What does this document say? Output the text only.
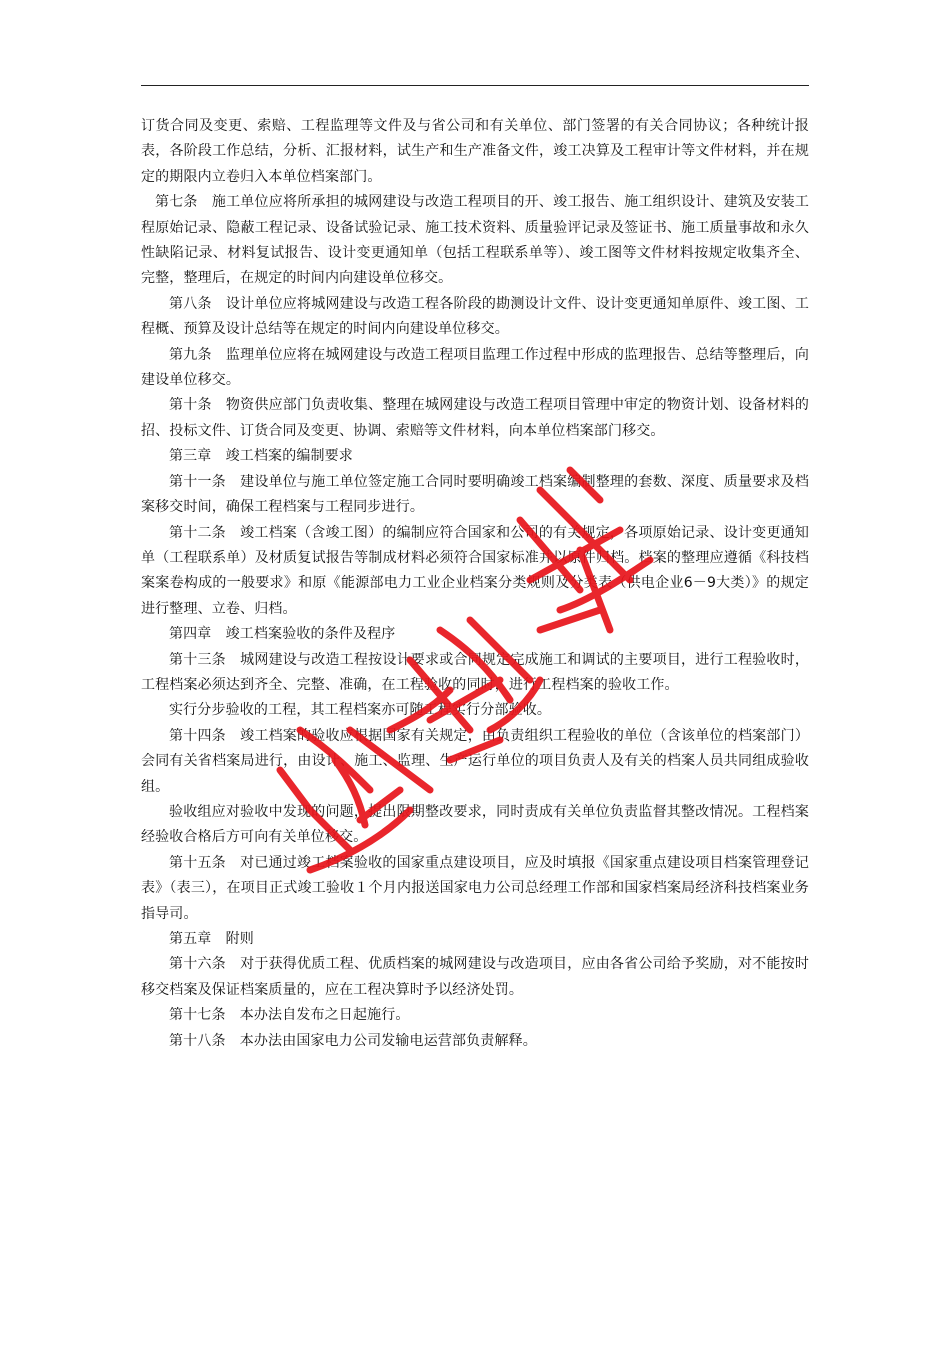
订货合同及变更、索赔、工程监理等文件及与省公司和有关单位、部门签署的有关合同协议；各种统计报表，各阶段工作总结，分析、汇报材料，试生产和生产准备文件，竣工决算及工程审计等文件材料，并在规定的期限内立卷归入本单位档案部门。

第七条　施工单位应将所承担的城网建设与改造工程项目的开、竣工报告、施工组织设计、建筑及安装工程原始记录、隐蔽工程记录、设备试验记录、施工技术资料、质量验评记录及签证书、施工质量事故和永久性缺陷记录、材料复试报告、设计变更通知单（包括工程联系单等）、竣工图等文件材料按规定收集齐全、完整，整理后，在规定的时间内向建设单位移交。

第八条　设计单位应将城网建设与改造工程各阶段的勘测设计文件、设计变更通知单原件、竣工图、工程概、预算及设计总结等在规定的时间内向建设单位移交。

第九条　监理单位应将在城网建设与改造工程项目监理工作过程中形成的监理报告、总结等整理后，向建设单位移交。

第十条　物资供应部门负责收集、整理在城网建设与改造工程项目管理中审定的物资计划、设备材料的招、投标文件、订货合同及变更、协调、索赔等文件材料，向本单位档案部门移交。

第三章　竣工档案的编制要求

第十一条　建设单位与施工单位签定施工合同时要明确竣工档案编制整理的套数、深度、质量要求及档案移交时间，确保工程档案与工程同步进行。

第十二条　竣工档案（含竣工图）的编制应符合国家和公司的有关规定，各项原始记录、设计变更通知单（工程联系单）及材质复试报告等制成材料必须符合国家标准并以原件归档。档案的整理应遵循《科技档案案卷构成的一般要求》和原《能源部电力工业企业档案分类规则及分类表（供电企业6－9大类）》的规定进行整理、立卷、归档。

第四章　竣工档案验收的条件及程序

第十三条　城网建设与改造工程按设计要求或合同规定完成施工和调试的主要项目，进行工程验收时，工程档案必须达到齐全、完整、准确，在工程验收的同时，进行工程档案的验收工作。

实行分步验收的工程，其工程档案亦可随工程实行分部验收。

第十四条　竣工档案的验收应根据国家有关规定，由负责组织工程验收的单位（含该单位的档案部门）会同有关省档案局进行，由设计、施工、监理、生产运行单位的项目负责人及有关的档案人员共同组成验收组。

验收组应对验收中发现的问题，提出限期整改要求，同时责成有关单位负责监督其整改情况。工程档案经验收合格后方可向有关单位移交。

第十五条　对已通过竣工档案验收的国家重点建设项目，应及时填报《国家重点建设项目档案管理登记表》（表三），在项目正式竣工验收１个月内报送国家电力公司总经理工作部和国家档案局经济科技档案业务指导司。

第五章　附则

第十六条　对于获得优质工程、优质档案的城网建设与改造项目，应由各省公司给予奖励，对不能按时移交档案及保证档案质量的，应在工程决算时予以经济处罚。

第十七条　本办法自发布之日起施行。

第十八条　本办法由国家电力公司发输电运营部负责解释。
